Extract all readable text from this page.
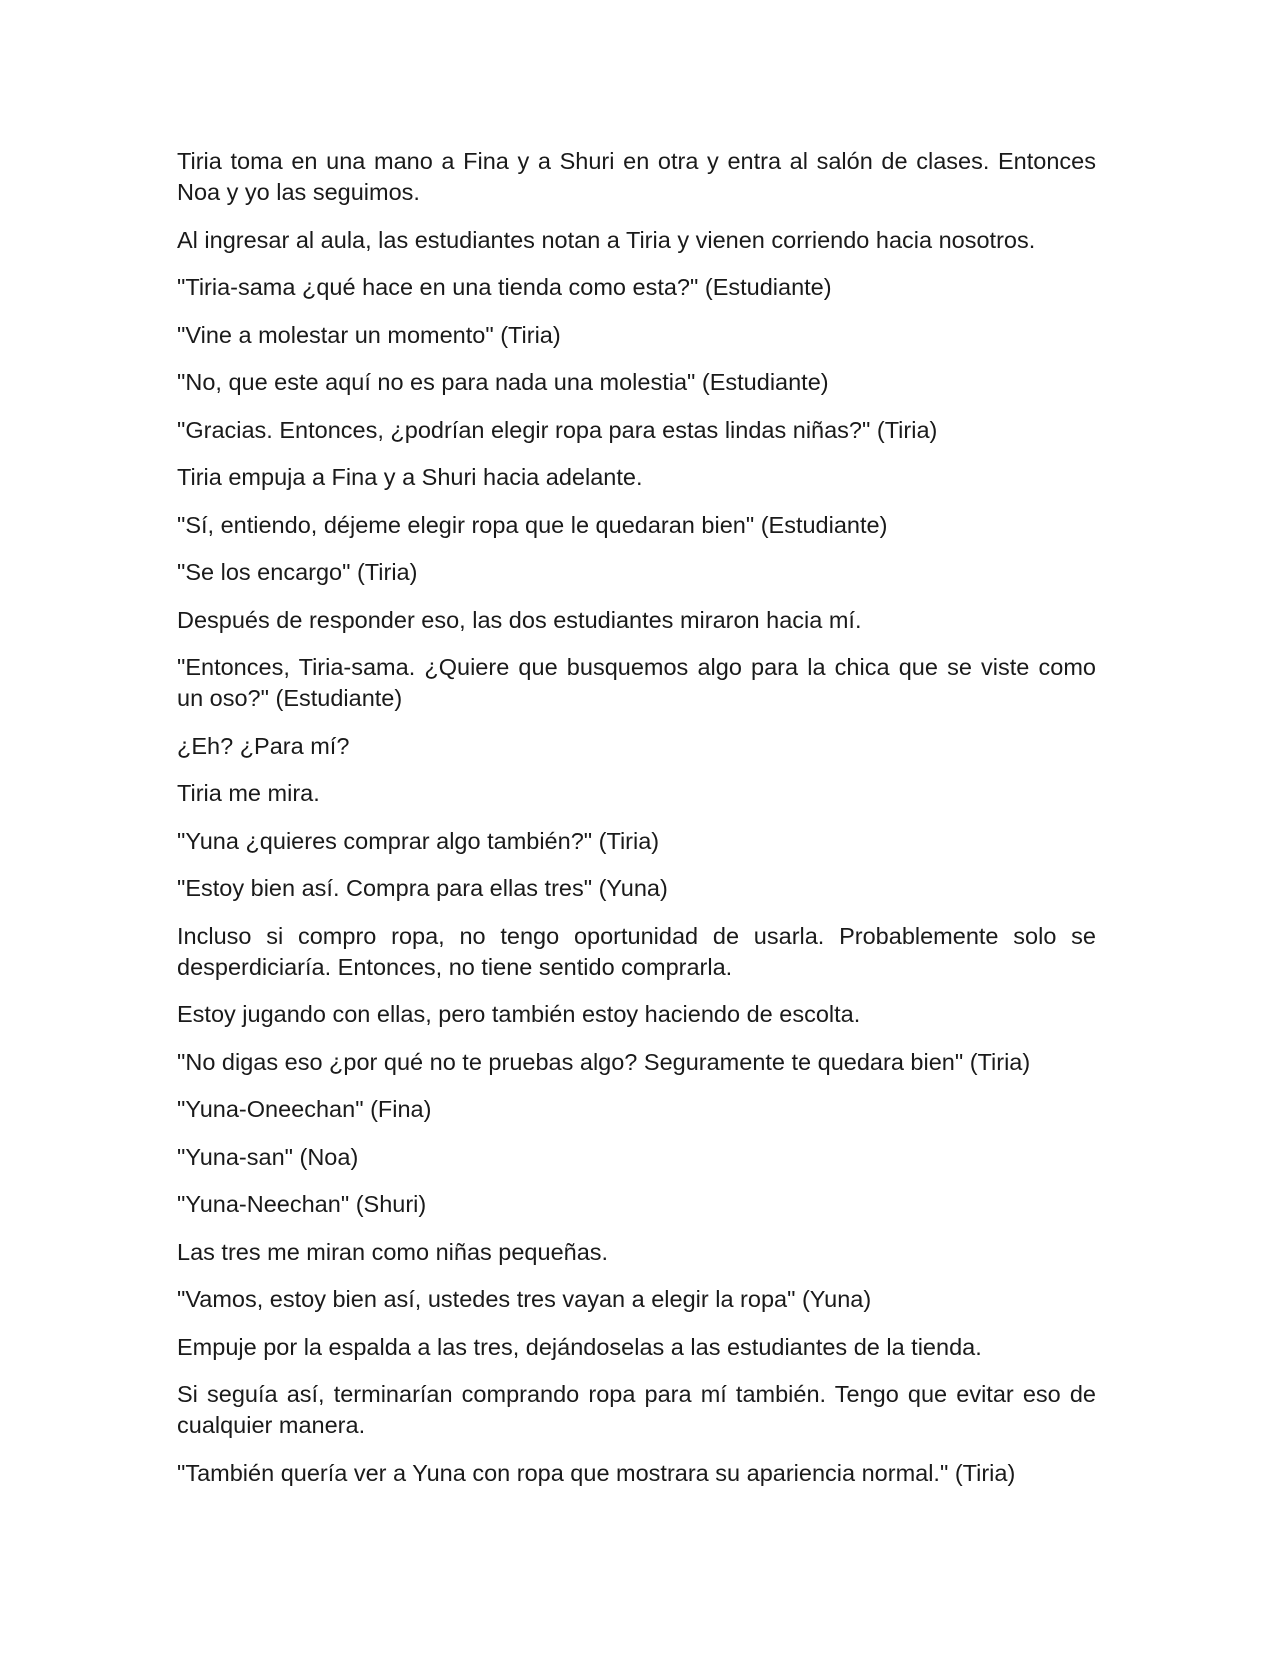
Tiria toma en una mano a Fina y a Shuri en otra y entra al salón de clases. Entonces Noa y yo las seguimos.

Al ingresar al aula, las estudiantes notan a Tiria y vienen corriendo hacia nosotros.

"Tiria-sama ¿qué hace en una tienda como esta?" (Estudiante)

"Vine a molestar un momento" (Tiria)

"No, que este aquí no es para nada una molestia" (Estudiante)

"Gracias. Entonces, ¿podrían elegir ropa para estas lindas niñas?" (Tiria)

Tiria empuja a Fina y a Shuri hacia adelante.

"Sí, entiendo, déjeme elegir ropa que le quedaran bien" (Estudiante)

"Se los encargo" (Tiria)

Después de responder eso, las dos estudiantes miraron hacia mí.

"Entonces, Tiria-sama. ¿Quiere que busquemos algo para la chica que se viste como un oso?" (Estudiante)

¿Eh? ¿Para mí?

Tiria me mira.

"Yuna ¿quieres comprar algo también?" (Tiria)

"Estoy bien así. Compra para ellas tres" (Yuna)

Incluso si compro ropa, no tengo oportunidad de usarla. Probablemente solo se desperdiciaría. Entonces, no tiene sentido comprarla.

Estoy jugando con ellas, pero también estoy haciendo de escolta.

"No digas eso ¿por qué no te pruebas algo? Seguramente te quedara bien" (Tiria)

"Yuna-Oneechan" (Fina)

"Yuna-san" (Noa)

"Yuna-Neechan" (Shuri)

Las tres me miran como niñas pequeñas.

"Vamos, estoy bien así, ustedes tres vayan a elegir la ropa" (Yuna)

Empuje por la espalda a las tres, dejándoselas a las estudiantes de la tienda.

Si seguía así, terminarían comprando ropa para mí también. Tengo que evitar eso de cualquier manera.

"También quería ver a Yuna con ropa que mostrara su apariencia normal." (Tiria)
